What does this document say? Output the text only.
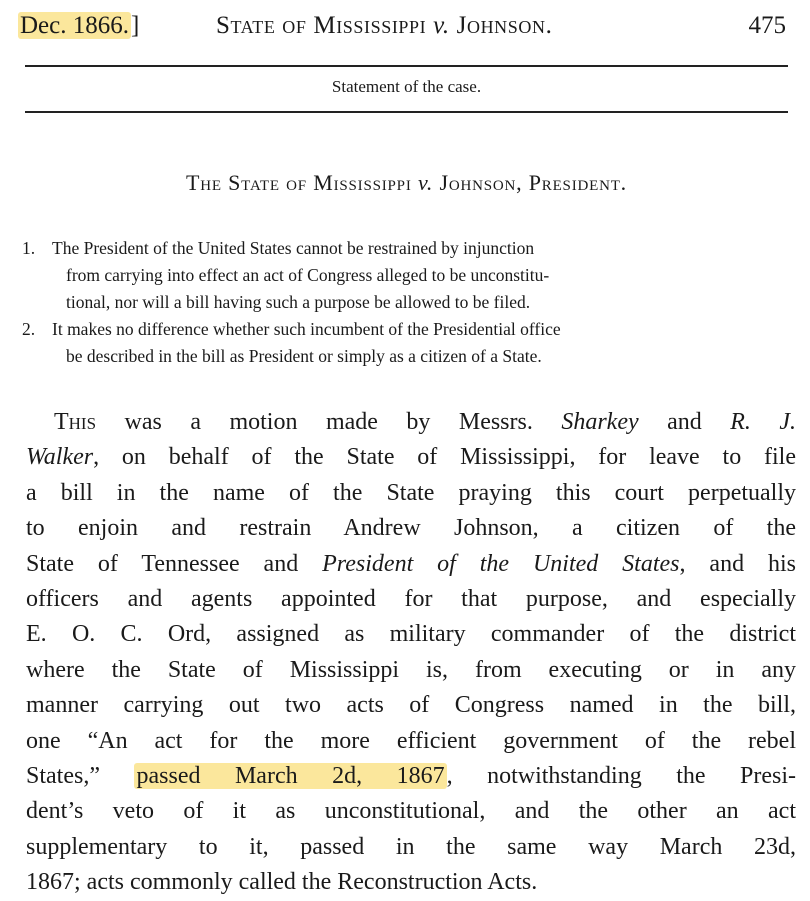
Dec. 1866.]	State of Mississippi v. Johnson.	475
Statement of the case.
The State of Mississippi v. Johnson, President.
1. The President of the United States cannot be restrained by injunction
from carrying into effect an act of Congress alleged to be unconstitu-
tional, nor will a bill having such a purpose be allowed to be filed.
2. It makes no difference whether such incumbent of the Presidential office
be described in the bill as President or simply as a citizen of a State.
This was a motion made by Messrs. Sharkey and R. J.
Walker, on behalf of the State of Mississippi, for leave to file
a bill in the name of the State praying this court perpetually
to enjoin and restrain Andrew Johnson, a citizen of the
State of Tennessee and President of the United States, and his
officers and agents appointed for that purpose, and especially
E. O. C. Ord, assigned as military commander of the district
where the State of Mississippi is, from executing or in any
manner carrying out two acts of Congress named in the bill,
one “An act for the more efficient government of the rebel
States,” passed March 2d, 1867, notwithstanding the Presi-
dent’s veto of it as unconstitutional, and the other an act
supplementary to it, passed in the same way March 23d,
1867; acts commonly called the Reconstruction Acts.
